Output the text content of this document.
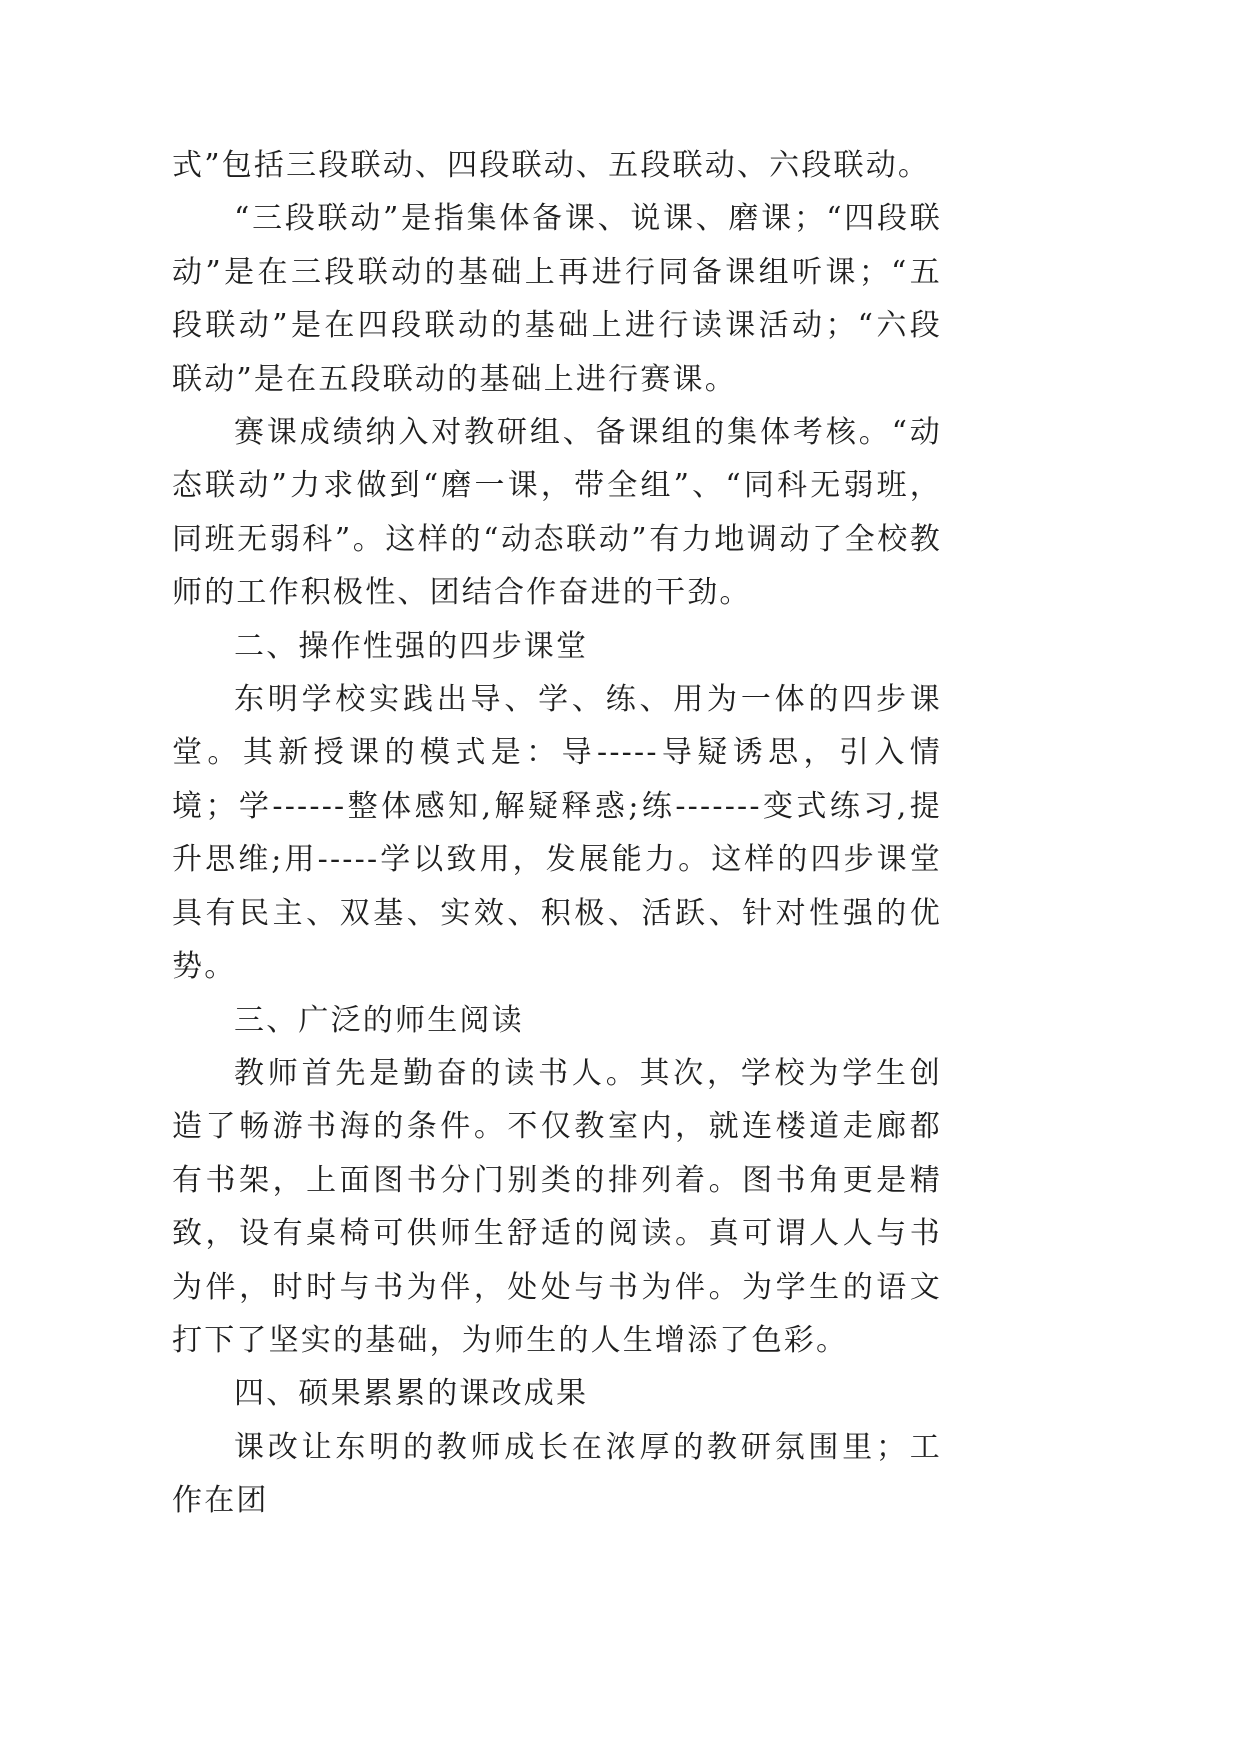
式”包括三段联动、四段联动、五段联动、六段联动。

“三段联动”是指集体备课、说课、磨课；“四段联动”是在三段联动的基础上再进行同备课组听课；“五段联动”是在四段联动的基础上进行读课活动；“六段联动”是在五段联动的基础上进行赛课。

赛课成绩纳入对教研组、备课组的集体考核。“动态联动”力求做到“磨一课，带全组”、“同科无弱班，同班无弱科”。这样的“动态联动”有力地调动了全校教师的工作积极性、团结合作奋进的干劲。

二、操作性强的四步课堂

东明学校实践出导、学、练、用为一体的四步课堂。其新授课的模式是：导-----导疑诱思，引入情境；学------整体感知,解疑释惑;练-------变式练习,提升思维;用-----学以致用，发展能力。这样的四步课堂具有民主、双基、实效、积极、活跃、针对性强的优势。

三、广泛的师生阅读

教师首先是勤奋的读书人。其次，学校为学生创造了畅游书海的条件。不仅教室内，就连楼道走廊都有书架，上面图书分门别类的排列着。图书角更是精致，设有桌椅可供师生舒适的阅读。真可谓人人与书为伴，时时与书为伴，处处与书为伴。为学生的语文打下了坚实的基础，为师生的人生增添了色彩。

四、硕果累累的课改成果

课改让东明的教师成长在浓厚的教研氛围里；工作在团
